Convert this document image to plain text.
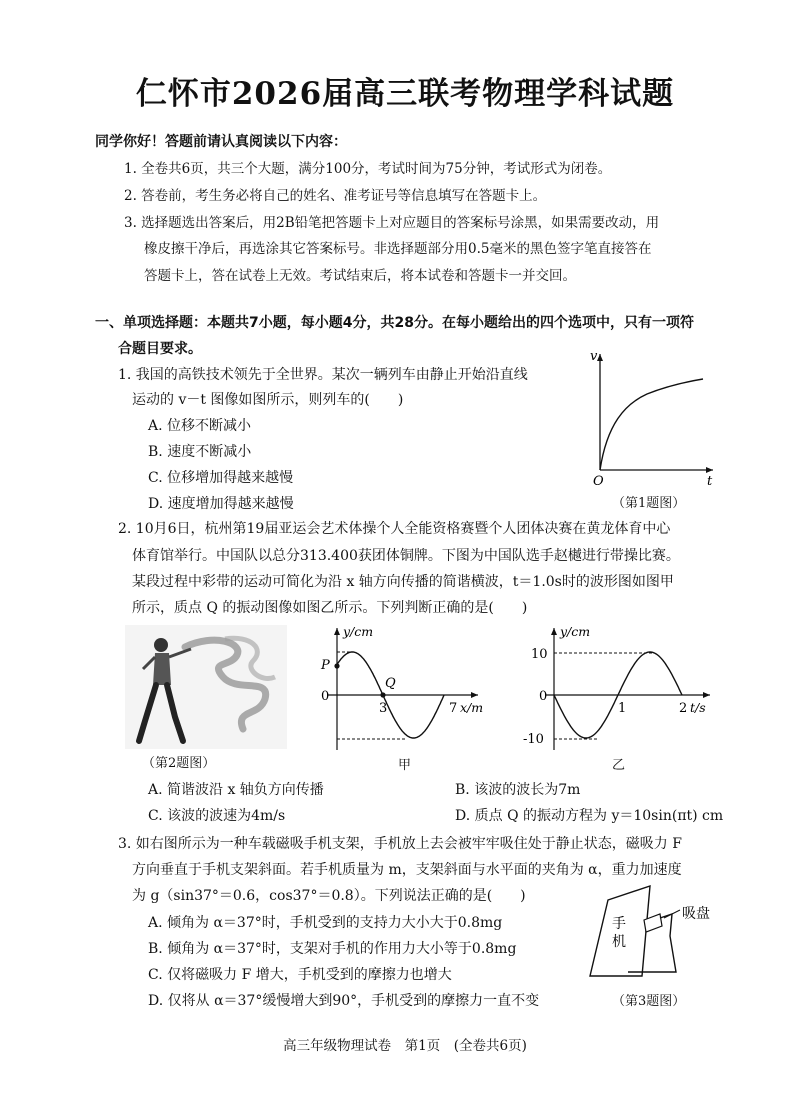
仁怀市2026届高三联考物理学科试题
同学你好！答题前请认真阅读以下内容：
1. 全卷共6页，共三个大题，满分100分，考试时间为75分钟，考试形式为闭卷。
2. 答卷前，考生务必将自己的姓名、准考证号等信息填写在答题卡上。
3. 选择题选出答案后，用2B铅笔把答题卡上对应题目的答案标号涂黑，如果需要改动，用
橡皮擦干净后，再选涂其它答案标号。非选择题部分用0.5毫米的黑色签字笔直接答在
答题卡上，答在试卷上无效。考试结束后，将本试卷和答题卡一并交回。
一、单项选择题：本题共7小题，每小题4分，共28分。在每小题给出的四个选项中，只有一项符
合题目要求。
1. 我国的高铁技术领先于全世界。某次一辆列车由静止开始沿直线
运动的 v－t 图像如图所示，则列车的(　　)
A. 位移不断减小
B. 速度不断减小
C. 位移增加得越来越慢
D. 速度增加得越来越慢
v
t
O
（第1题图）
2. 10月6日，杭州第19届亚运会艺术体操个人全能资格赛暨个人团体决赛在黄龙体育中心
体育馆举行。中国队以总分313.400获团体铜牌。下图为中国队选手赵樾进行带操比赛。
某段过程中彩带的运动可简化为沿 x 轴方向传播的简谐横波，t＝1.0s时的波形图如图甲
所示，质点 Q 的振动图像如图乙所示。下列判断正确的是(　　)
（第2题图）
y/cm
P
Q
0
3	7 x/m
甲
y/cm
10
0
-10
1	2 t/s
乙
A. 简谐波沿 x 轴负方向传播	B. 该波的波长为7m
C. 该波的波速为4m/s	D. 质点 Q 的振动方程为 y＝10sin(πt) cm
3. 如右图所示为一种车载磁吸手机支架，手机放上去会被牢牢吸住处于静止状态，磁吸力 F
方向垂直于手机支架斜面。若手机质量为 m，支架斜面与水平面的夹角为 α，重力加速度
为 g（sin37°＝0.6，cos37°＝0.8）。下列说法正确的是(　　)
A. 倾角为 α＝37°时，手机受到的支持力大小大于0.8mg
B. 倾角为 α＝37°时，支架对手机的作用力大小等于0.8mg
C. 仅将磁吸力 F 增大，手机受到的摩擦力也增大
D. 仅将从 α＝37°缓慢增大到90°，手机受到的摩擦力一直不变
吸盘
手
机
（第3题图）
高三年级物理试卷　第1页　(全卷共6页)
